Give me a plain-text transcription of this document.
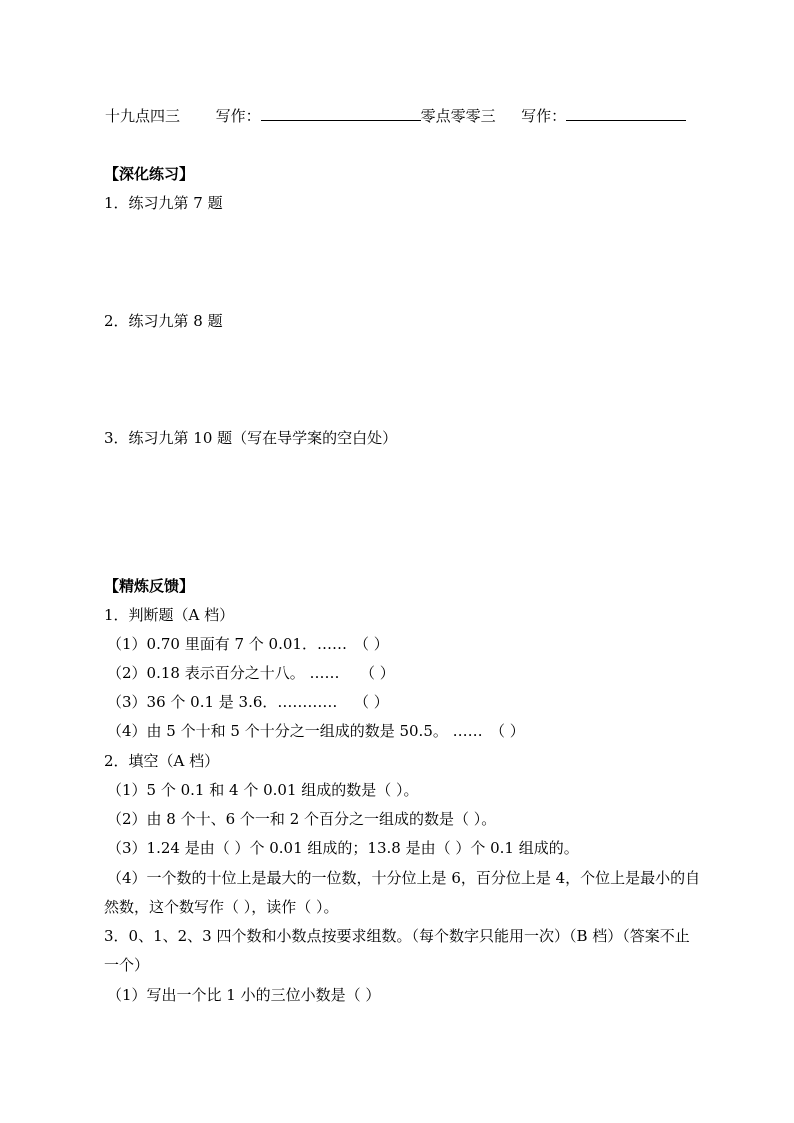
十九点四三 写作：	零点零零三 写作：
【深化练习】
1．练习九第 7 题
2．练习九第 8 题
3．练习九第 10 题（写在导学案的空白处）
【精炼反馈】
1．判断题（A 档）
（1）0.70 里面有 7 个 0.01．…… （ ）
（2）0.18 表示百分之十八。 …… （ ）
（3）36 个 0.1 是 3.6．………… （ ）
（4）由 5 个十和 5 个十分之一组成的数是 50.5。 …… （ ）
2．填空（A 档）
（1）5 个 0.1 和 4 个 0.01 组成的数是（ ）。
（2）由 8 个十、6 个一和 2 个百分之一组成的数是（ ）。
（3）1.24 是由（ ）个 0.01 组成的；13.8 是由（ ）个 0.1 组成的。
（4）一个数的十位上是最大的一位数，十分位上是 6，百分位上是 4，个位上是最小的自
然数，这个数写作（ ），读作（ ）。
3．0、1、2、3 四个数和小数点按要求组数。（每个数字只能用一次）（B 档）（答案不止
一个）
（1）写出一个比 1 小的三位小数是（ ）
